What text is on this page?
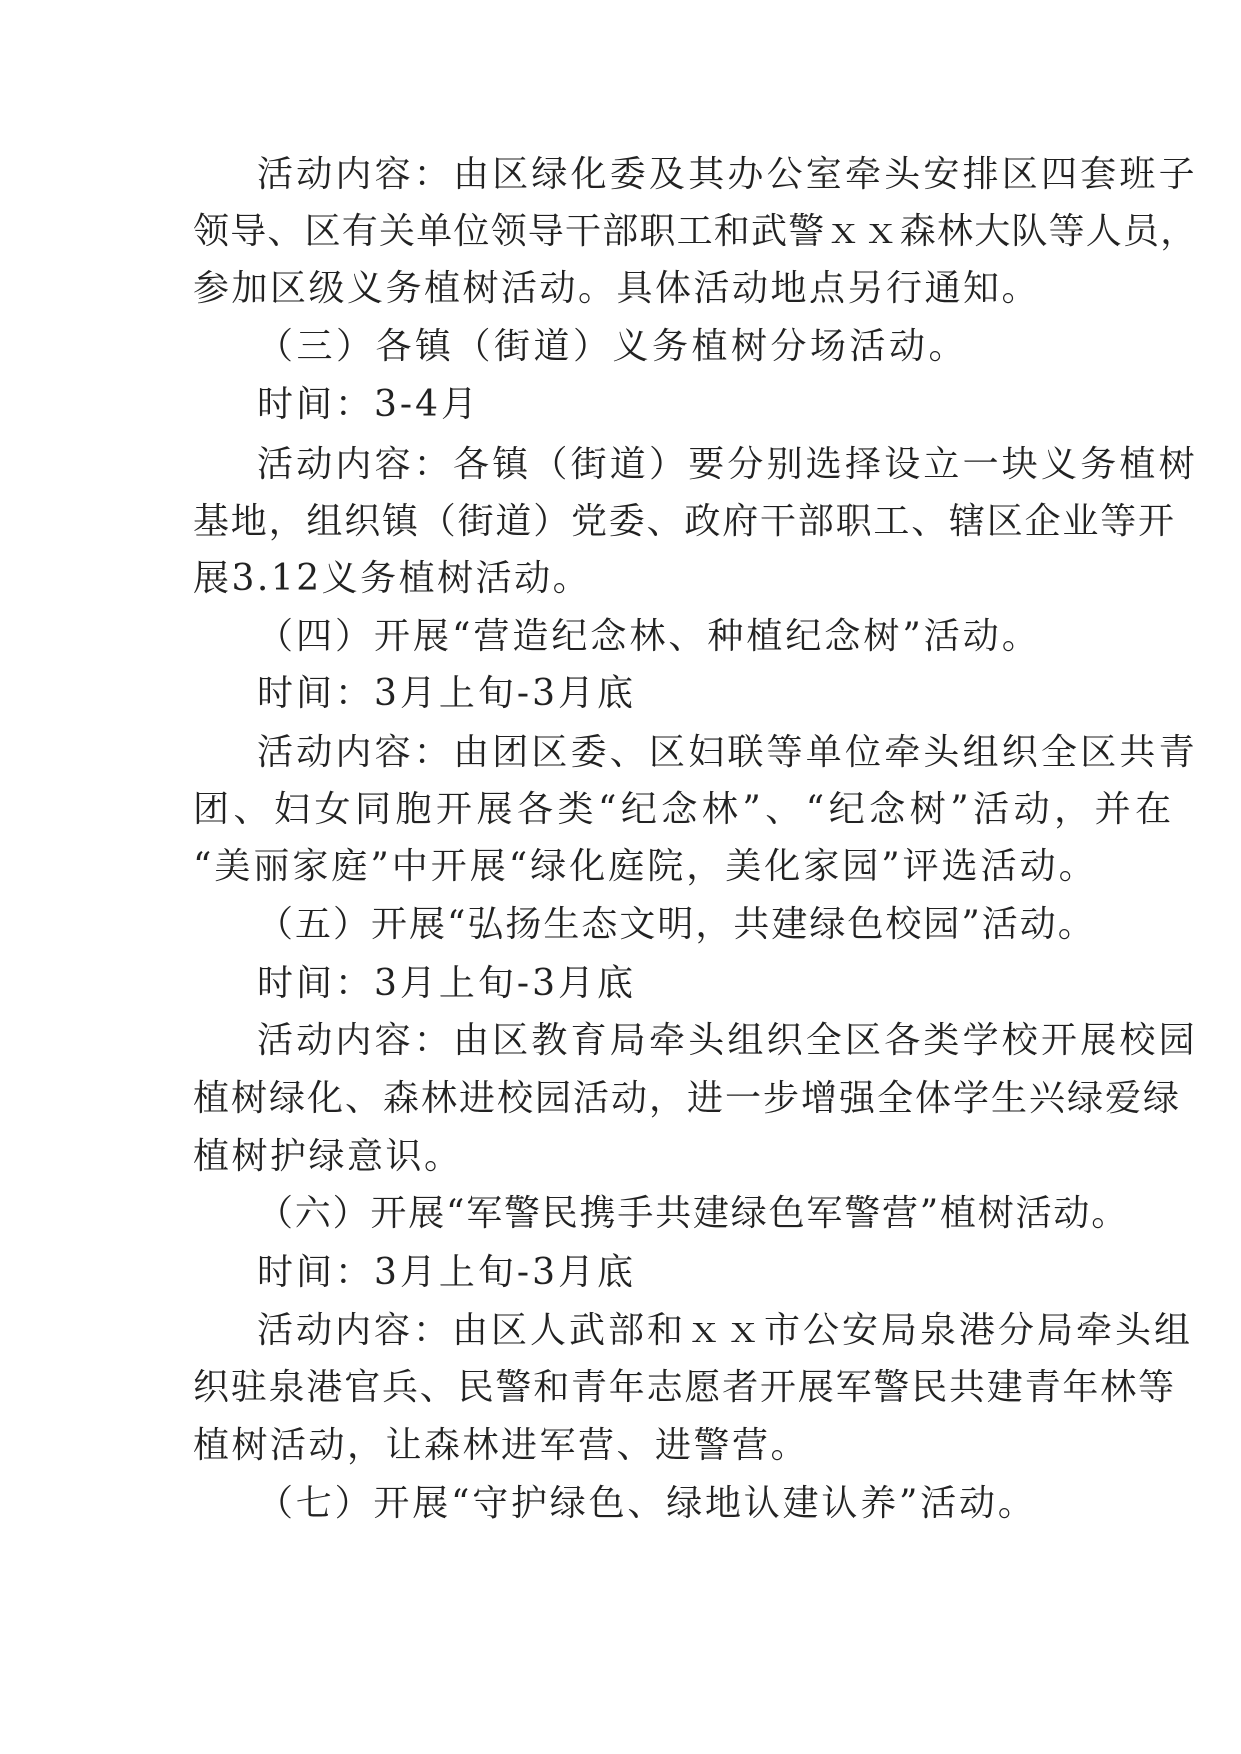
活动内容：由区绿化委及其办公室牵头安排区四套班子
领导、区有关单位领导干部职工和武警ｘｘ森林大队等人员，
参加区级义务植树活动。具体活动地点另行通知。
（三）各镇（街道）义务植树分场活动。
时间：3-4月
活动内容：各镇（街道）要分别选择设立一块义务植树
基地，组织镇（街道）党委、政府干部职工、辖区企业等开
展3.12义务植树活动。
（四）开展“营造纪念林、种植纪念树”活动。
时间：3月上旬-3月底
活动内容：由团区委、区妇联等单位牵头组织全区共青
团、妇女同胞开展各类“纪念林”、“纪念树”活动，并在
“美丽家庭”中开展“绿化庭院，美化家园”评选活动。
（五）开展“弘扬生态文明，共建绿色校园”活动。
时间：3月上旬-3月底
活动内容：由区教育局牵头组织全区各类学校开展校园
植树绿化、森林进校园活动，进一步增强全体学生兴绿爱绿
植树护绿意识。
（六）开展“军警民携手共建绿色军警营”植树活动。
时间：3月上旬-3月底
活动内容：由区人武部和ｘｘ市公安局泉港分局牵头组
织驻泉港官兵、民警和青年志愿者开展军警民共建青年林等
植树活动，让森林进军营、进警营。
（七）开展“守护绿色、绿地认建认养”活动。
